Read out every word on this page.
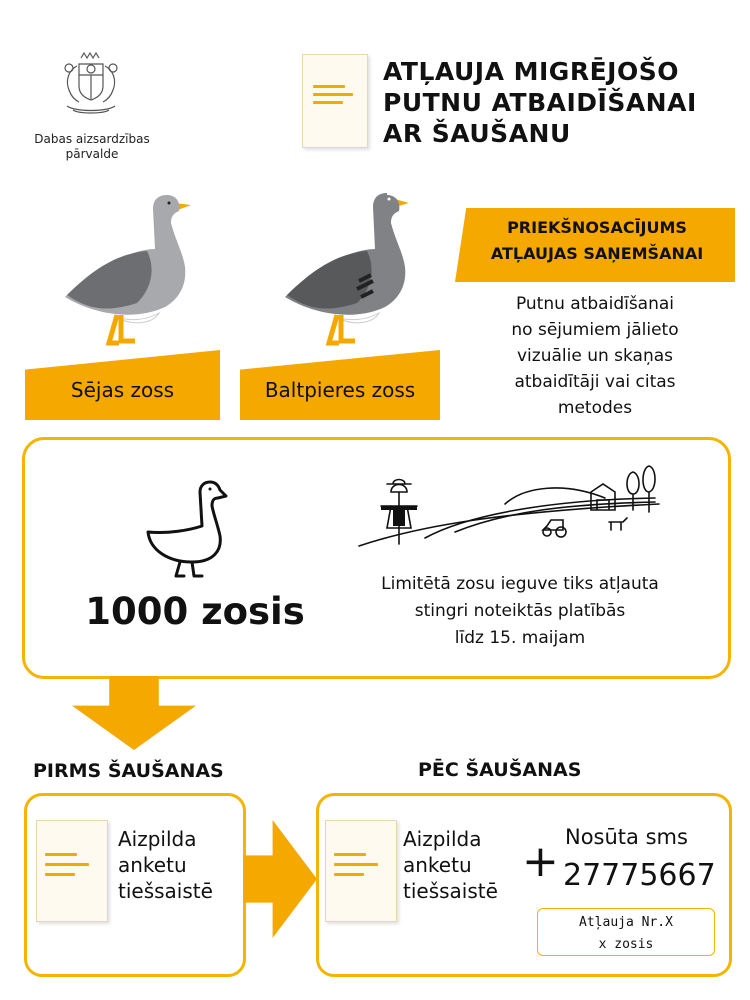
Dabas aizsardzības
pārvalde
ATĻAUJA MIGRĒJOŠO
PUTNU ATBAIDĪŠANAI
AR ŠAUŠANU
Sējas zoss	Baltpieres zoss
PRIEKŠNOSACĪJUMS
ATĻAUJAS SAŅEMŠANAI
Putnu atbaidīšanai
no sējumiem jālieto
vizuālie un skaņas
atbaidītāji vai citas
metodes
1000 zosis
Limitētā zosu ieguve tiks atļauta
stingri noteiktās platībās
līdz 15. maijam
PIRMS ŠAUŠANAS	PĒC ŠAUŠANAS
Aizpilda
anketu
tiešsaistē
Aizpilda
anketu
tiešsaistē
+ Nosūta sms
27775667
Atļauja Nr.X
x zosis
